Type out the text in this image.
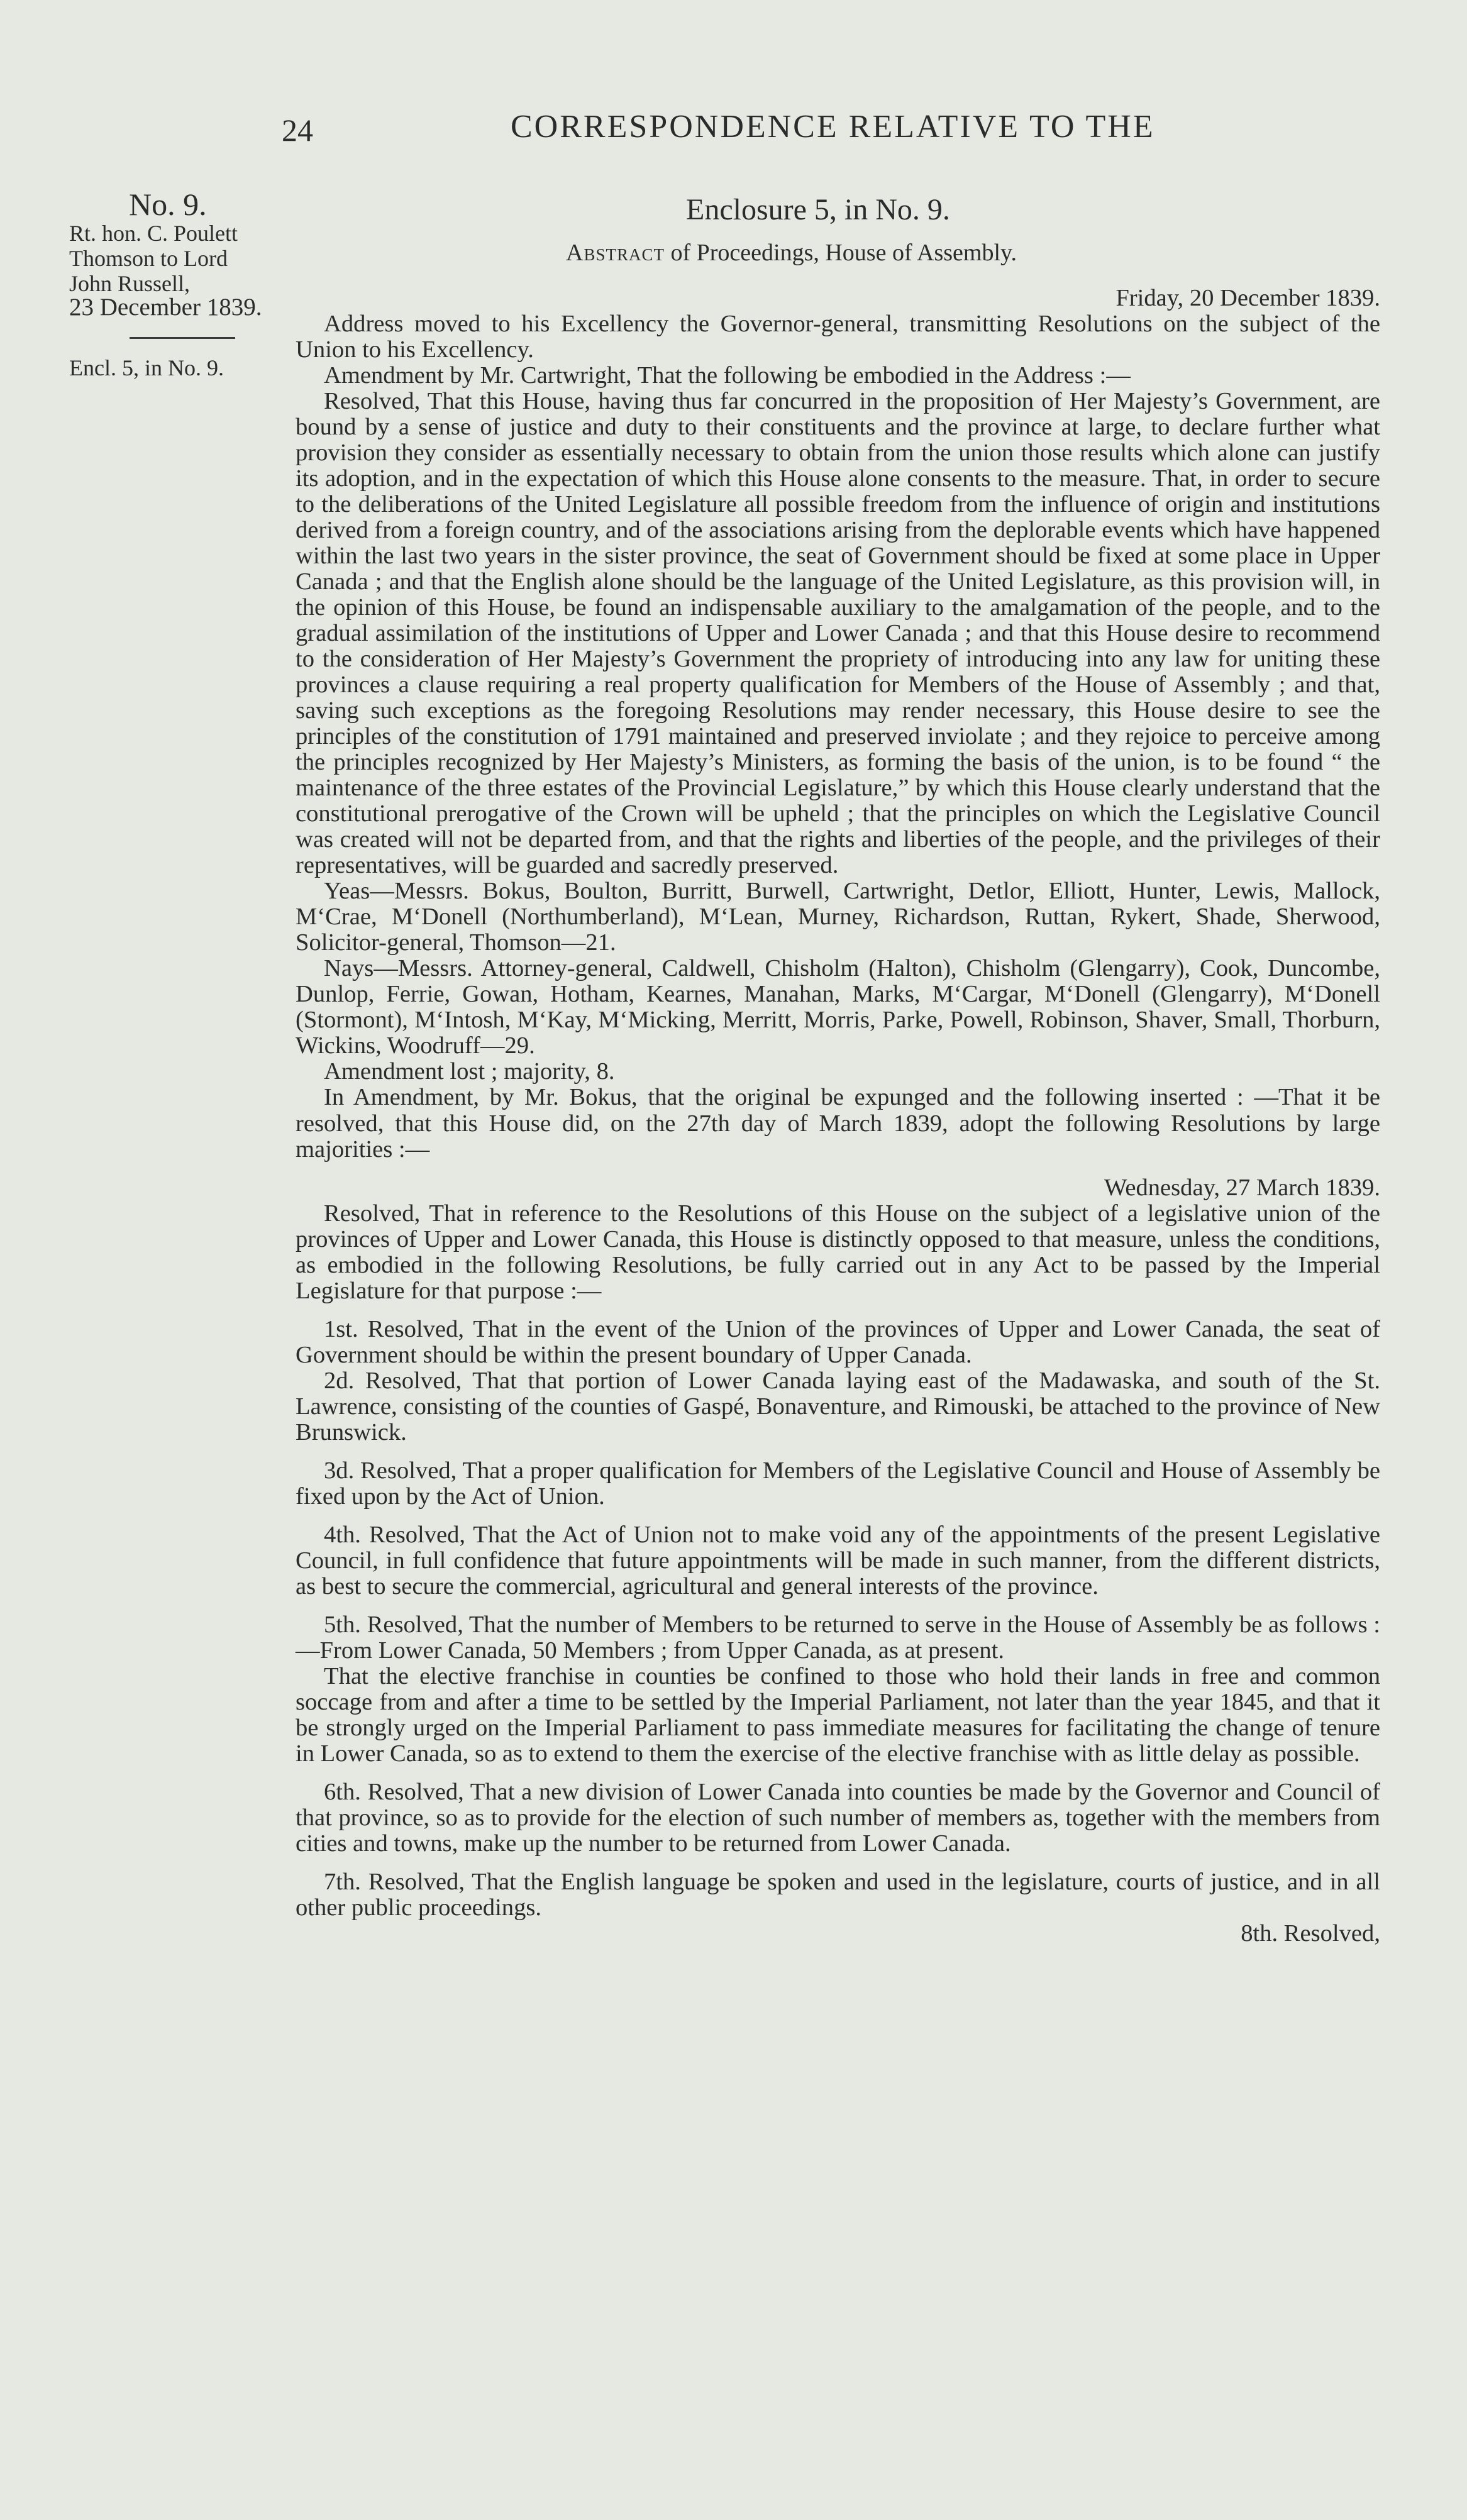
24	CORRESPONDENCE RELATIVE TO THE
No. 9.
Rt. hon. C. Poulett
Thomson to Lord
John Russell,
23 December 1839.
Encl. 5, in No. 9.
Enclosure 5, in No. 9.
Abstract of Proceedings, House of Assembly.

Friday, 20 December 1839.

Address moved to his Excellency the Governor-general, transmitting Resolutions on the subject of the Union to his Excellency.

Amendment by Mr. Cartwright, That the following be embodied in the Address :—

Resolved, That this House, having thus far concurred in the proposition of Her Majesty’s Government, are bound by a sense of justice and duty to their constituents and the province at large, to declare further what provision they consider as essentially necessary to obtain from the union those results which alone can justify its adoption, and in the expectation of which this House alone consents to the measure. That, in order to secure to the deliberations of the United Legislature all possible freedom from the influence of origin and institutions derived from a foreign country, and of the associations arising from the deplorable events which have happened within the last two years in the sister province, the seat of Government should be fixed at some place in Upper Canada ; and that the English alone should be the language of the United Legislature, as this provision will, in the opinion of this House, be found an indispensable auxiliary to the amalgamation of the people, and to the gradual assimilation of the institutions of Upper and Lower Canada ; and that this House desire to recommend to the consideration of Her Majesty’s Government the propriety of introducing into any law for uniting these provinces a clause requiring a real property qualification for Members of the House of Assembly ; and that, saving such exceptions as the foregoing Resolutions may render necessary, this House desire to see the principles of the constitution of 1791 maintained and preserved inviolate ; and they rejoice to perceive among the principles recognized by Her Majesty’s Ministers, as forming the basis of the union, is to be found “ the maintenance of the three estates of the Provincial Legislature,” by which this House clearly understand that the constitutional prerogative of the Crown will be upheld ; that the principles on which the Legislative Council was created will not be departed from, and that the rights and liberties of the people, and the privileges of their representatives, will be guarded and sacredly preserved.

Yeas—Messrs. Bokus, Boulton, Burritt, Burwell, Cartwright, Detlor, Elliott, Hunter, Lewis, Mallock, M‘Crae, M‘Donell (Northumberland), M‘Lean, Murney, Richardson, Ruttan, Rykert, Shade, Sherwood, Solicitor-general, Thomson—21.

Nays—Messrs. Attorney-general, Caldwell, Chisholm (Halton), Chisholm (Glengarry), Cook, Duncombe, Dunlop, Ferrie, Gowan, Hotham, Kearnes, Manahan, Marks, M‘Cargar, M‘Donell (Glengarry), M‘Donell (Stormont), M‘Intosh, M‘Kay, M‘Micking, Merritt, Morris, Parke, Powell, Robinson, Shaver, Small, Thorburn, Wickins, Woodruff—29.

Amendment lost ; majority, 8.

In Amendment, by Mr. Bokus, that the original be expunged and the following inserted : —That it be resolved, that this House did, on the 27th day of March 1839, adopt the following Resolutions by large majorities :—

Wednesday, 27 March 1839.

Resolved, That in reference to the Resolutions of this House on the subject of a legislative union of the provinces of Upper and Lower Canada, this House is distinctly opposed to that measure, unless the conditions, as embodied in the following Resolutions, be fully carried out in any Act to be passed by the Imperial Legislature for that purpose :—

1st. Resolved, That in the event of the Union of the provinces of Upper and Lower Canada, the seat of Government should be within the present boundary of Upper Canada.

2d. Resolved, That that portion of Lower Canada laying east of the Madawaska, and south of the St. Lawrence, consisting of the counties of Gaspé, Bonaventure, and Rimouski, be attached to the province of New Brunswick.

3d. Resolved, That a proper qualification for Members of the Legislative Council and House of Assembly be fixed upon by the Act of Union.

4th. Resolved, That the Act of Union not to make void any of the appointments of the present Legislative Council, in full confidence that future appointments will be made in such manner, from the different districts, as best to secure the commercial, agricultural and general interests of the province.

5th. Resolved, That the number of Members to be returned to serve in the House of Assembly be as follows :—From Lower Canada, 50 Members ; from Upper Canada, as at present.

That the elective franchise in counties be confined to those who hold their lands in free and common soccage from and after a time to be settled by the Imperial Parliament, not later than the year 1845, and that it be strongly urged on the Imperial Parliament to pass immediate measures for facilitating the change of tenure in Lower Canada, so as to extend to them the exercise of the elective franchise with as little delay as possible.

6th. Resolved, That a new division of Lower Canada into counties be made by the Governor and Council of that province, so as to provide for the election of such number of members as, together with the members from cities and towns, make up the number to be returned from Lower Canada.

7th. Resolved, That the English language be spoken and used in the legislature, courts of justice, and in all other public proceedings.

8th. Resolved,
